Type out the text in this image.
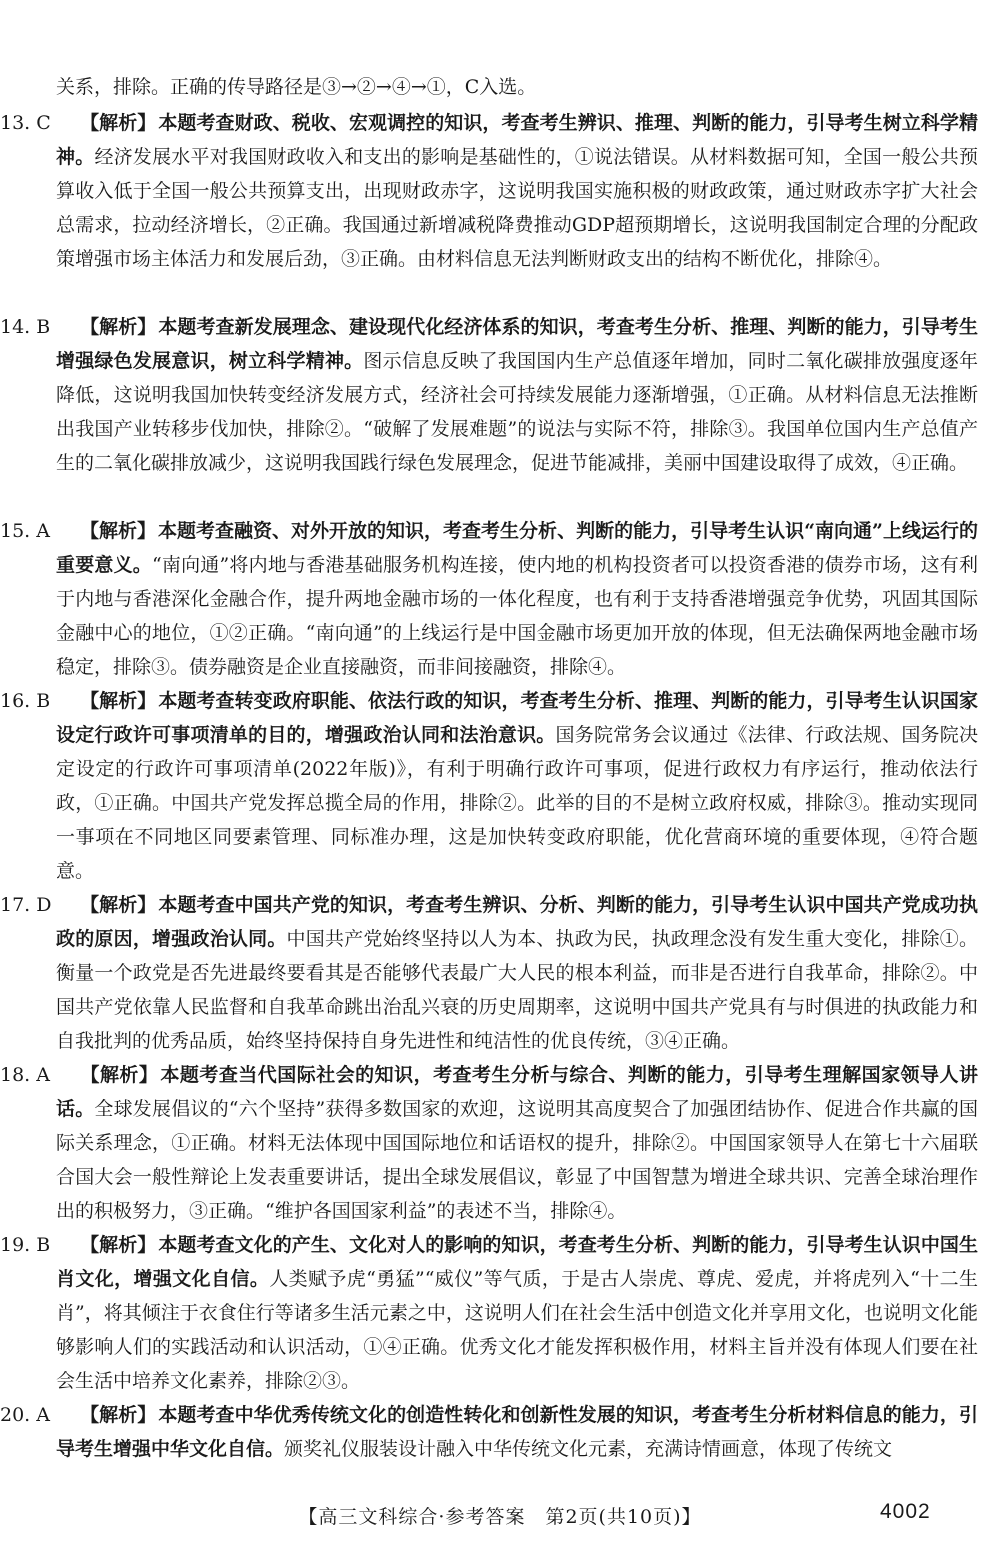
关系，排除。正确的传导路径是③→②→④→①，C入选。
13. C 【解析】 本题考查财政、税收、宏观调控的知识，考查考生辨识、推理、判断的能力，引导考生树立科学精神。经济发展水平对我国财政收入和支出的影响是基础性的，①说法错误。从材料数据可知，全国一般公共预算收入低于全国一般公共预算支出，出现财政赤字，这说明我国实施积极的财政政策，通过财政赤字扩大社会总需求，拉动经济增长，②正确。我国通过新增减税降费推动GDP超预期增长，这说明我国制定合理的分配政策增强市场主体活力和发展后劲，③正确。由材料信息无法判断财政支出的结构不断优化，排除④。
14. B 【解析】 本题考查新发展理念、建设现代化经济体系的知识，考查考生分析、推理、判断的能力，引导考生增强绿色发展意识，树立科学精神。图示信息反映了我国国内生产总值逐年增加，同时二氧化碳排放强度逐年降低，这说明我国加快转变经济发展方式，经济社会可持续发展能力逐渐增强，①正确。从材料信息无法推断出我国产业转移步伐加快，排除②。“破解了发展难题”的说法与实际不符，排除③。我国单位国内生产总值产生的二氧化碳排放减少，这说明我国践行绿色发展理念，促进节能减排，美丽中国建设取得了成效，④正确。
15. A 【解析】 本题考查融资、对外开放的知识，考查考生分析、判断的能力，引导考生认识“南向通”上线运行的重要意义。“南向通”将内地与香港基础服务机构连接，使内地的机构投资者可以投资香港的债券市场，这有利于内地与香港深化金融合作，提升两地金融市场的一体化程度，也有利于支持香港增强竞争优势，巩固其国际金融中心的地位，①②正确。“南向通”的上线运行是中国金融市场更加开放的体现，但无法确保两地金融市场稳定，排除③。债券融资是企业直接融资，而非间接融资，排除④。
16. B 【解析】 本题考查转变政府职能、依法行政的知识，考查考生分析、推理、判断的能力，引导考生认识国家设定行政许可事项清单的目的，增强政治认同和法治意识。国务院常务会议通过《法律、行政法规、国务院决定设定的行政许可事项清单(2022年版)》，有利于明确行政许可事项，促进行政权力有序运行，推动依法行政，①正确。中国共产党发挥总揽全局的作用，排除②。此举的目的不是树立政府权威，排除③。推动实现同一事项在不同地区同要素管理、同标准办理，这是加快转变政府职能，优化营商环境的重要体现，④符合题意。
17. D 【解析】 本题考查中国共产党的知识，考查考生辨识、分析、判断的能力，引导考生认识中国共产党成功执政的原因，增强政治认同。中国共产党始终坚持以人为本、执政为民，执政理念没有发生重大变化，排除①。衡量一个政党是否先进最终要看其是否能够代表最广大人民的根本利益，而非是否进行自我革命，排除②。中国共产党依靠人民监督和自我革命跳出治乱兴衰的历史周期率，这说明中国共产党具有与时俱进的执政能力和自我批判的优秀品质，始终坚持保持自身先进性和纯洁性的优良传统，③④正确。
18. A 【解析】 本题考查当代国际社会的知识，考查考生分析与综合、判断的能力，引导考生理解国家领导人讲话。全球发展倡议的“六个坚持”获得多数国家的欢迎，这说明其高度契合了加强团结协作、促进合作共赢的国际关系理念，①正确。材料无法体现中国国际地位和话语权的提升，排除②。中国国家领导人在第七十六届联合国大会一般性辩论上发表重要讲话，提出全球发展倡议，彰显了中国智慧为增进全球共识、完善全球治理作出的积极努力，③正确。“维护各国国家利益”的表述不当，排除④。
19. B 【解析】 本题考查文化的产生、文化对人的影响的知识，考查考生分析、判断的能力，引导考生认识中国生肖文化，增强文化自信。人类赋予虎“勇猛”“威仪”等气质，于是古人崇虎、尊虎、爱虎，并将虎列入“十二生肖”，将其倾注于衣食住行等诸多生活元素之中，这说明人们在社会生活中创造文化并享用文化，也说明文化能够影响人们的实践活动和认识活动，①④正确。优秀文化才能发挥积极作用，材料主旨并没有体现人们要在社会生活中培养文化素养，排除②③。
20. A 【解析】 本题考查中华优秀传统文化的创造性转化和创新性发展的知识，考查考生分析材料信息的能力，引导考生增强中华文化自信。颁奖礼仪服装设计融入中华传统文化元素，充满诗情画意，体现了传统文
【高三文科综合·参考答案　第2页(共10页)】	4002
